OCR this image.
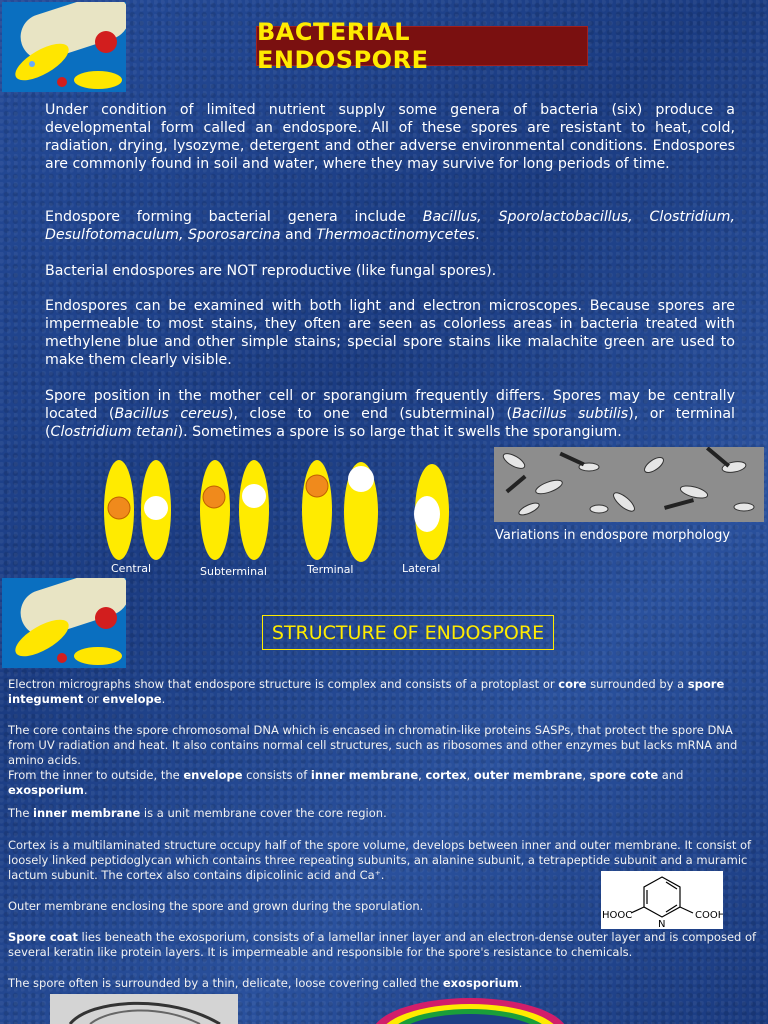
BACTERIAL ENDOSPORE
Under condition of limited nutrient supply some genera of bacteria (six) produce a developmental form called an endospore. All of these spores are resistant to heat, cold, radiation, drying, lysozyme, detergent and other adverse environmental conditions. Endospores are commonly found in soil and water, where they may survive for long periods of time.
Endospore forming bacterial genera include Bacillus, Sporolactobacillus, Clostridium, Desulfotomaculum, Sporosarcina and Thermoactinomycetes.
Bacterial endospores are NOT reproductive (like fungal spores).
Endospores can be examined with both light and electron microscopes. Because spores are impermeable to most stains, they often are seen as colorless areas in bacteria treated with methylene blue and other simple stains; special spore stains like malachite green are used to make them clearly visible.
Spore position in the mother cell or sporangium frequently differs. Spores may be centrally located (Bacillus cereus), close to one end (subterminal) (Bacillus subtilis), or terminal (Clostridium tetani). Sometimes a spore is so large that it swells the sporangium.
Central	Subterminal	Terminal	Lateral
Variations in endospore morphology
STRUCTURE OF ENDOSPORE
Electron micrographs show that endospore structure is complex and consists of a protoplast or core surrounded by a spore integument or envelope.
The core contains the spore chromosomal DNA which is encased in chromatin-like proteins SASPs, that protect the spore DNA from UV radiation and heat. It also contains normal cell structures, such as ribosomes and other enzymes but lacks mRNA and amino acids.
From the inner to outside, the envelope consists of inner membrane, cortex, outer membrane, spore cote and exosporium.
The inner membrane is a unit membrane cover the core region.
Cortex is a multilaminated structure occupy half of the spore volume, develops between inner and outer membrane. It consist of loosely linked peptidoglycan which contains three repeating subunits, an alanine subunit, a tetrapeptide subunit and a muramic lactum subunit. The cortex also contains dipicolinic acid and Ca⁺.
Outer membrane enclosing the spore and grown during the sporulation.
HOOC
N
COOH
Spore coat lies beneath the exosporium, consists of a lamellar inner layer and an electron-dense outer layer and is composed of several keratin like protein layers. It is impermeable and responsible for the spore's resistance to chemicals.
The spore often is surrounded by a thin, delicate, loose covering called the exosporium.
